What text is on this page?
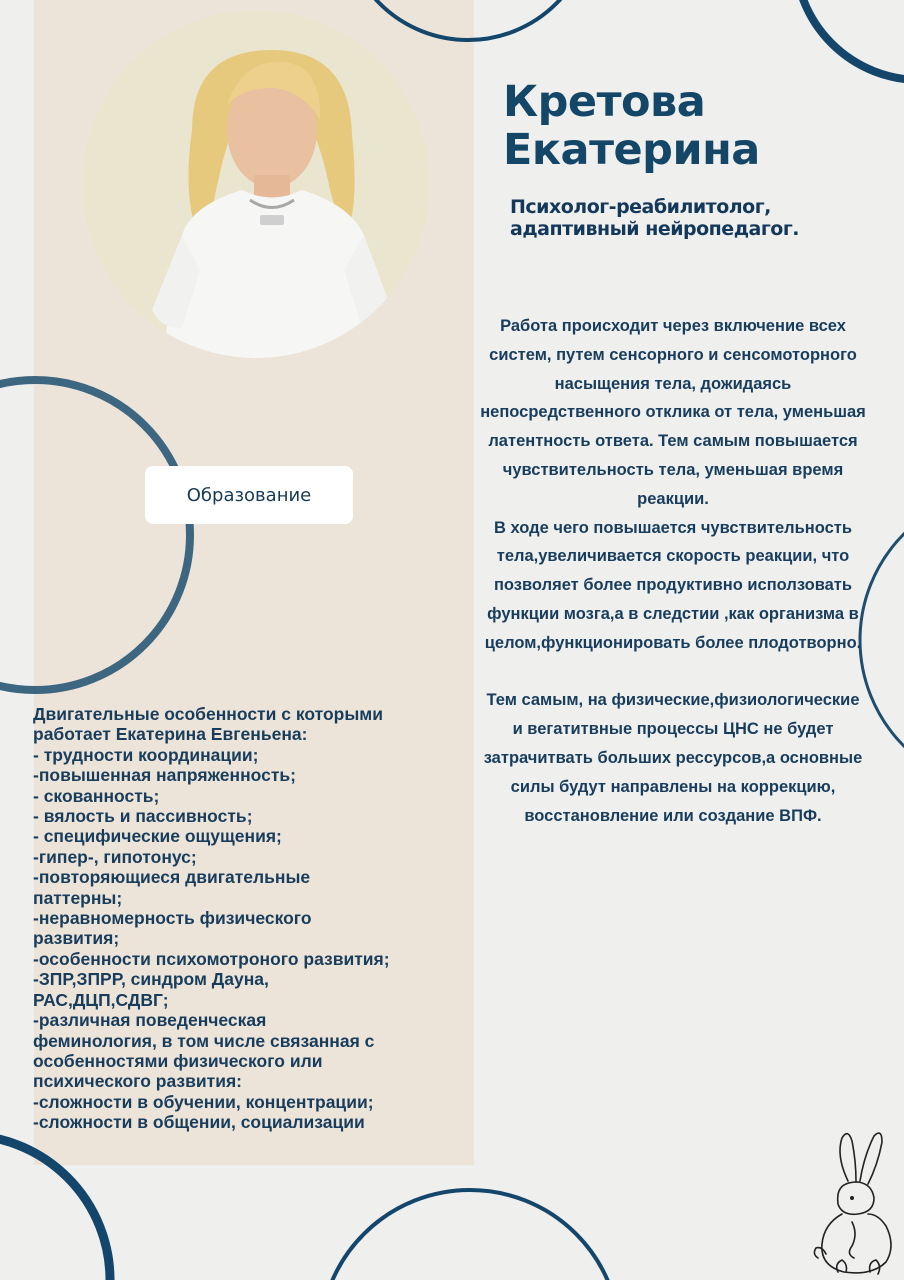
Кретова
Екатерина
Психолог-реабилитолог,
адаптивный нейропедагог.
Образование

Работа происходит через включение всех

систем, путем сенсорного и сенсомоторного

насыщения тела, дожидаясь

непосредственного отклика от тела, уменьшая

латентность ответа. Тем самым повышается

чувствительность тела, уменьшая время

реакции.

В ходе чего повышается чувствительность

тела,увеличивается скорость реакции, что

позволяет более продуктивно исползовать

функции мозга,а в следстии ,как организма в

целом,функционировать более плодотворно.

Тем самым, на физические,физиологические

и вегатитвные процессы ЦНС не будет

затрачитвать больших рессурсов,а основные

силы будут направлены на коррекцию,

восстановление или создание ВПФ.

Двигательные особенности с которыми
работает Екатерина Евгеньена:
- трудности координации;
-повышенная напряженность;
- скованность;
- вялость и пассивность;
- специфические ощущения;
-гипер-, гипотонус;
-повторяющиеся двигательные
паттерны;
-неравномерность физического
развития;
-особенности психомотроного развития;
-ЗПР,ЗПРР, синдром Дауна,
РАС,ДЦП,СДВГ;
-различная поведенческая
феминология, в том числе связанная с
особенностями физического или
психического развития:
-сложности в обучении, концентрации;
-сложности в общении, социализации
